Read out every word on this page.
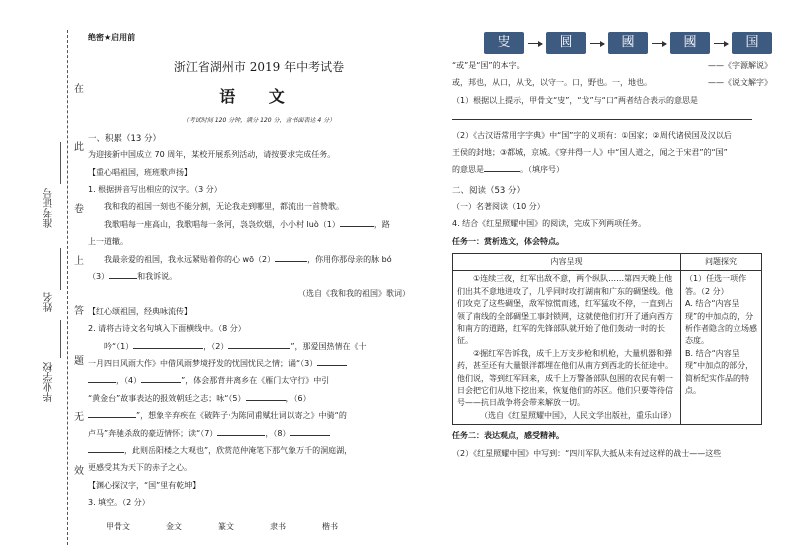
在
此
卷
上
答
题
无
效
准考证号
姓名
毕业学校
绝密★启用前
浙江省湖州市 2019 年中考试卷
语 文
（考试时间 120 分钟，满分 120 分，含书面表达 4 分）
一、积累（13 分）
为迎接新中国成立 70 周年，某校开展系列活动，请按要求完成任务。
【重心唱祖国，班班歌声扬】
1. 根据拼音写出相应的汉字。（3 分）
我和我的祖国一刻也不能分割，无论我走到哪里，都流出一首赞歌。
我歌唱每一座高山，我歌唱每一条河，袅袅炊烟，小小村 luò（1）	，路
上一道辙。
我最亲爱的祖国，我永远紧贴着你的心 wō（2）	，你用你那母亲的脉 bó
（3）	和我诉说。
（选自《我和我的祖国》歌词）
【红心颂祖国，经典咏流传】
2. 请将古诗文名句填入下面横线中。（8 分）
吟“（1）	，（2）	”，那爱国热情在《十
一月四日风雨大作》中借风雨梦境抒发的忧国忧民之情；诵“（3）
，（4）	”，体会那背井离乡在《雁门太守行》中引
“黄金台”故事表达的报效朝廷之志；咏“（5）	，（6）
”，想象辛弃疾在《破阵子·为陈同甫赋壮词以寄之》中骑“的
卢马”奔驰杀敌的豪迈情怀；读“（7）	，（8）
，此则岳阳楼之大观也”，欣赏范仲淹笔下那气象万千的洞庭湖，
更感受其为天下的赤子之心。
【渊心探汉字，“国”里有乾坤】
3. 填空。（2 分）
甲骨文	金文	篆文	隶书	楷书
㕜	囻	國	國	国
“或”是“国”的本字。	——《字源解说》
或，邦也，从口，从戈，以守一。口，野也。一，地也。	——《说文解字》
（1）根据以上提示，甲骨文“㕜”，“戈”与“口”两者结合表示的意思是
（2）《古汉语常用字字典》中“国”字的义项有：①国家；②周代诸侯国及汉以后
王侯的封地；③都城，京城。《穿井得一人》中“国人道之，闻之于宋君”的“国”
的意思是	。（填序号）
二、阅读（53 分）
（一）名著阅读（10 分）
4. 结合《红星照耀中国》的阅读，完成下列两项任务。
任务一：赏析选文，体会特点。
内容呈现	问题探究
①连续三夜，红军出敌不意，两个纵队……第四天晚上他们出其不意地进攻了，几乎同时攻打湖南和广东的碉堡线。他们攻克了这些碉堡，敌军惊慌而逃，红军猛攻不停，一直到占领了南线的全部碉堡工事封锁网，这就使他们打开了通向西方和南方的道路，红军的先锋部队就开始了他们轰动一时的长征。
②掘红军告诉我，成千上万支步枪和机枪，大量机器和弹药，甚至还有大量银洋都埋在他们从南方到西北的长征途中。他们说，等到红军回来，成千上万警备部队包围的农民有朝一日会把它们从地下挖出来，恢复他们的苏区。他们只要等待信号——抗日战争将会带来解放一切。
（选自《红星照耀中国》，人民文学出版社，重乐山译）
（1）任选一项作答。（2 分）
A. 结合“内容呈现”的中加点的，分析作者隐含的立场感态度。
B. 结合“内容呈现”中加点的部分，简析纪实作品的特点。
任务二：表达观点，感受精神。
（2）《红星照耀中国》中写到：“四川军队大抵从未有过这样的战士——这些
